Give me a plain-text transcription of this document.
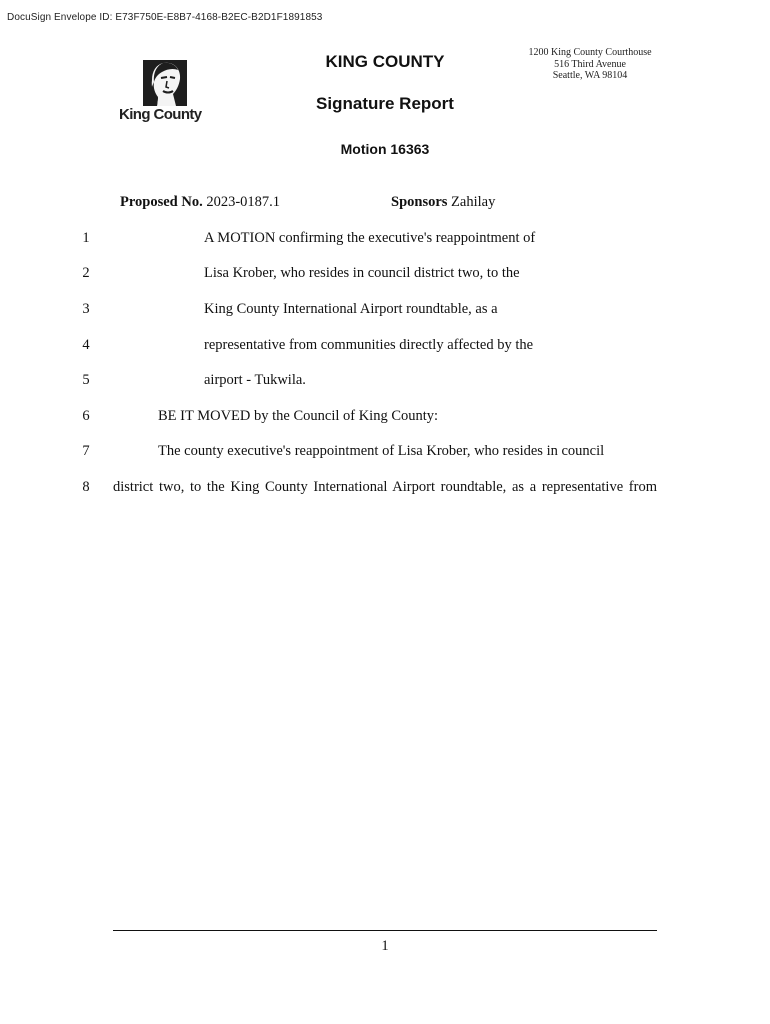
DocuSign Envelope ID: E73F750E-E8B7-4168-B2EC-B2D1F1891853
King County
KING COUNTY
Signature Report
Motion 16363
1200 King County Courthouse
516 Third Avenue
Seattle, WA 98104
Proposed No. 2023-0187.1	Sponsors Zahilay
1	A MOTION confirming the executive's reappointment of
2	Lisa Krober, who resides in council district two, to the
3	King County International Airport roundtable, as a
4	representative from communities directly affected by the
5	airport - Tukwila.
6	BE IT MOVED by the Council of King County:
7	The county executive's reappointment of Lisa Krober, who resides in council
8	district two, to the King County International Airport roundtable, as a representative from
1
